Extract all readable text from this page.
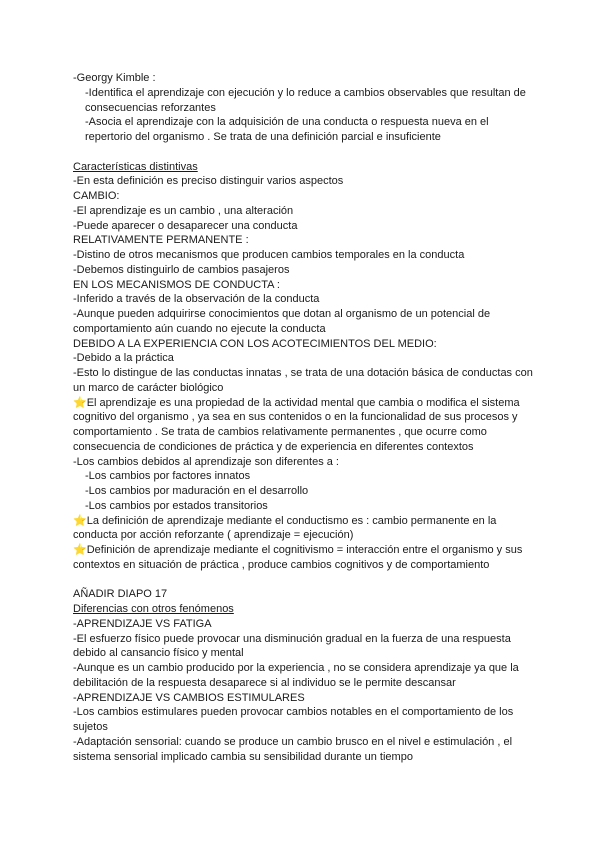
-Georgy Kimble :

-Identifica el aprendizaje con ejecución y lo reduce a cambios observables que resultan de consecuencias reforzantes

-Asocia el aprendizaje con la adquisición de una conducta o respuesta nueva en el repertorio del organismo . Se trata de una definición parcial e insuficiente

Características distintivas

-En esta definición es preciso distinguir varios aspectos

CAMBIO:

-El aprendizaje es un cambio , una alteración

-Puede aparecer o desaparecer una conducta

RELATIVAMENTE PERMANENTE :

-Distino de otros mecanismos que producen cambios temporales en la conducta

-Debemos distinguirlo de cambios pasajeros

EN LOS MECANISMOS DE CONDUCTA :

-Inferido a través de la observación de la conducta

-Aunque pueden adquirirse conocimientos que dotan al organismo de un potencial de comportamiento aún cuando no ejecute la conducta

DEBIDO A LA EXPERIENCIA CON LOS ACOTECIMIENTOS DEL MEDIO:

-Debido a la práctica

-Esto lo distingue de las conductas innatas , se trata de una dotación básica de conductas con un marco de carácter biológico

⭐El aprendizaje es una propiedad de la actividad mental que cambia o modifica el sistema cognitivo del organismo , ya sea en sus contenidos o en la funcionalidad de sus procesos y comportamiento . Se trata de cambios relativamente permanentes , que ocurre como consecuencia de condiciones de práctica y de experiencia en diferentes contextos

-Los cambios debidos al aprendizaje son diferentes a :

-Los cambios por factores innatos

-Los cambios por maduración en el desarrollo

-Los cambios por estados transitorios

⭐La definición de aprendizaje mediante el conductismo es : cambio permanente en la conducta por acción reforzante ( aprendizaje = ejecución)

⭐Definición de aprendizaje mediante el cognitivismo = interacción entre el organismo y sus contextos en situación de práctica , produce cambios cognitivos y de comportamiento

AÑADIR DIAPO 17

Diferencias con otros fenómenos

-APRENDIZAJE VS FATIGA

-El esfuerzo físico puede provocar una disminución gradual en la fuerza de una respuesta debido al cansancio físico y mental

-Aunque es un cambio producido por la experiencia , no se considera aprendizaje ya que la debilitación de la respuesta desaparece si al individuo se le permite descansar

-APRENDIZAJE VS CAMBIOS ESTIMULARES

-Los cambios estimulares pueden provocar cambios notables en el comportamiento de los sujetos

-Adaptación sensorial: cuando se produce un cambio brusco en el nivel e estimulación , el sistema sensorial implicado cambia su sensibilidad durante un tiempo
